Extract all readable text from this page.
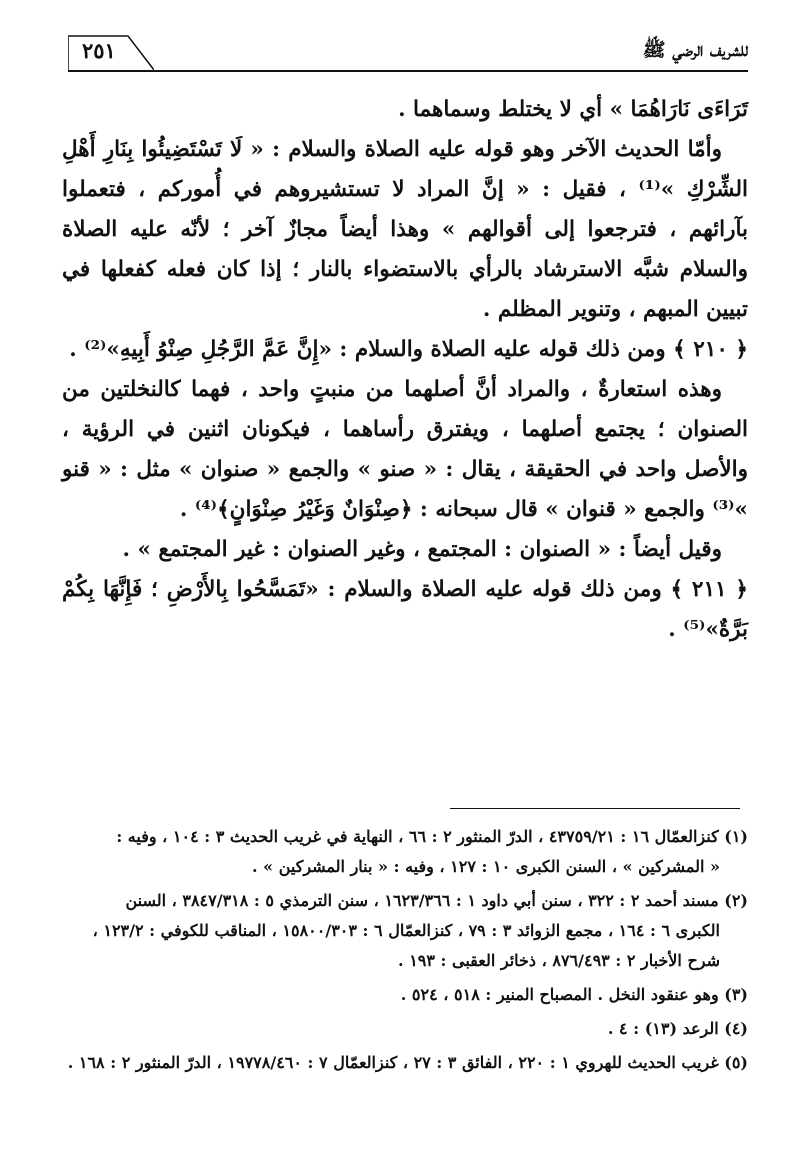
للشريف الرضي ﷺ
٢٥١

تَرَاءَى نَارَاهُمَا » أي لا يختلط وسماهما .

وأمّا الحديث الآخر وهو قوله عليه الصلاة والسلام : « لَا تَسْتَضِيئُوا بِنَارِ أَهْلِ الشِّرْكِ »⁽¹⁾ ، فقيل : « إنَّ المراد لا تستشيروهم في أُموركم ، فتعملوا بآرائهم ، فترجعوا إلى أقوالهم » وهذا أيضاً مجازٌ آخر ؛ لأنّه عليه الصلاة والسلام شبَّه الاسترشاد بالرأي بالاستضواء بالنار ؛ إذا كان فعله كفعلها في تبيين المبهم ، وتنوير المظلم .

﴿ ٢١٠ ﴾ ومن ذلك قوله عليه الصلاة والسلام : «إِنَّ عَمَّ الرَّجُلِ صِنْوُ أَبِيهِ»⁽²⁾ .

وهذه استعارةٌ ، والمراد أنَّ أصلهما من منبتٍ واحد ، فهما كالنخلتين من الصنوان ؛ يجتمع أصلهما ، ويفترق رأساهما ، فيكونان اثنين في الرؤية ، والأصل واحد في الحقيقة ، يقال : « صنو » والجمع « صنوان » مثل : « قنو »⁽³⁾ والجمع « قنوان » قال سبحانه : ﴿صِنْوَانٌ وَغَيْرُ صِنْوَانٍ﴾⁽⁴⁾ .

وقيل أيضاً : « الصنوان : المجتمع ، وغير الصنوان : غير المجتمع » .

﴿ ٢١١ ﴾ ومن ذلك قوله عليه الصلاة والسلام : «تَمَسَّحُوا بِالأَرْضِ ؛ فَإِنَّهَا بِكُمْ بَرَّةٌ»⁽⁵⁾ .

(١) كنزالعمّال ١٦ : ٤٣٧٥٩/٢١ ، الدرّ المنثور ٢ : ٦٦ ، النهاية في غريب الحديث ٣ : ١٠٤ ، وفيه :
« المشركين » ، السنن الكبرى ١٠ : ١٢٧ ، وفيه : « بنار المشركين » .

(٢) مسند أحمد ٢ : ٣٢٢ ، سنن أبي داود ١ : ١٦٢٣/٣٦٦ ، سنن الترمذي ٥ : ٣٨٤٧/٣١٨ ، السنن
الكبرى ٦ : ١٦٤ ، مجمع الزوائد ٣ : ٧٩ ، كنزالعمّال ٦ : ١٥٨٠٠/٣٠٣ ، المناقب للكوفي : ١٢٣/٢ ،
شرح الأخبار ٢ : ٨٧٦/٤٩٣ ، ذخائر العقبى : ١٩٣ .

(٣) وهو عنقود النخل . المصباح المنير : ٥١٨ ، ٥٢٤ .

(٤) الرعد (١٣) : ٤ .

(٥) غريب الحديث للهروي ١ : ٢٢٠ ، الفائق ٣ : ٢٧ ، كنزالعمّال ٧ : ١٩٧٧٨/٤٦٠ ، الدرّ المنثور ٢ : ١٦٨ .
